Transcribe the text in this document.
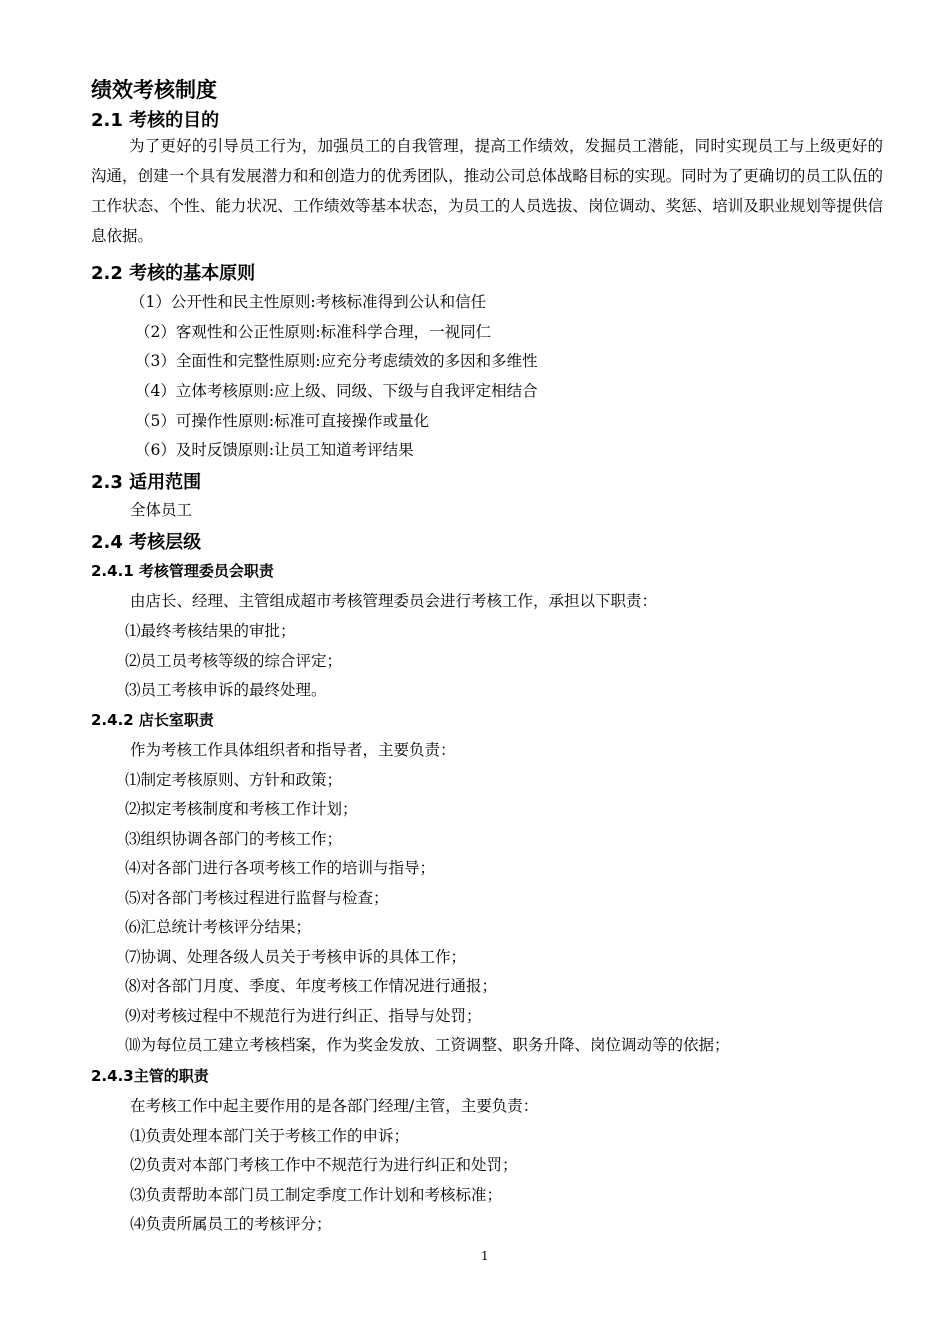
绩效考核制度
2.1 考核的目的
为了更好的引导员工行为，加强员工的自我管理，提高工作绩效，发掘员工潜能，同时实现员工与上级更好的沟通，创建一个具有发展潜力和和创造力的优秀团队，推动公司总体战略目标的实现。同时为了更确切的员工队伍的工作状态、个性、能力状况、工作绩效等基本状态，为员工的人员选拔、岗位调动、奖惩、培训及职业规划等提供信息依据。
2.2 考核的基本原则
（1）公开性和民主性原则:考核标准得到公认和信任
（2）客观性和公正性原则:标准科学合理，一视同仁
（3）全面性和完整性原则:应充分考虑绩效的多因和多维性
（4）立体考核原则:应上级、同级、下级与自我评定相结合
（5）可操作性原则:标准可直接操作或量化
（6）及时反馈原则:让员工知道考评结果
2.3 适用范围
全体员工
2.4 考核层级
2.4.1 考核管理委员会职责
由店长、经理、主管组成超市考核管理委员会进行考核工作，承担以下职责：
⑴最终考核结果的审批；
⑵员工员考核等级的综合评定；
⑶员工考核申诉的最终处理。
2.4.2 店长室职责
作为考核工作具体组织者和指导者，主要负责：
⑴制定考核原则、方针和政策；
⑵拟定考核制度和考核工作计划；
⑶组织协调各部门的考核工作；
⑷对各部门进行各项考核工作的培训与指导；
⑸对各部门考核过程进行监督与检查；
⑹汇总统计考核评分结果；
⑺协调、处理各级人员关于考核申诉的具体工作；
⑻对各部门月度、季度、年度考核工作情况进行通报；
⑼对考核过程中不规范行为进行纠正、指导与处罚；
⑽为每位员工建立考核档案，作为奖金发放、工资调整、职务升降、岗位调动等的依据；
2.4.3主管的职责
在考核工作中起主要作用的是各部门经理/主管，主要负责：
⑴负责处理本部门关于考核工作的申诉；
⑵负责对本部门考核工作中不规范行为进行纠正和处罚；
⑶负责帮助本部门员工制定季度工作计划和考核标准；
⑷负责所属员工的考核评分；
1
